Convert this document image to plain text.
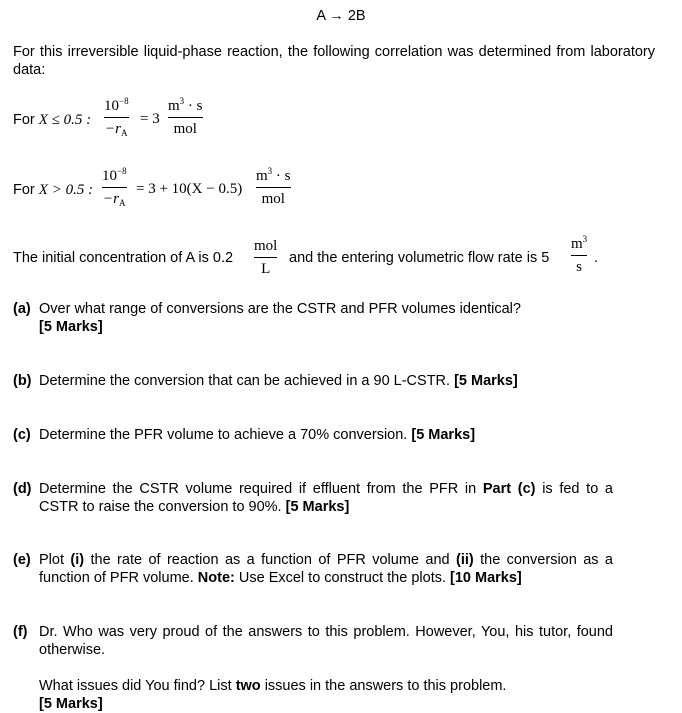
A → 2B
For this irreversible liquid-phase reaction, the following correlation was determined from laboratory data:
For X ≤ 0.5 :
$10^{-8}$
$-r_A$
= 3
$m^3 \cdot s$
mol
For X > 0.5 :
$10^{-8}$
$-r_A$
= 3 + 10(X − 0.5)
$m^3 \cdot s$
mol
The initial concentration of A is 0.2
mol
L
and the entering volumetric flow rate is 5
$m^3$
s
.
(a) Over what range of conversions are the CSTR and PFR volumes identical?
[5 Marks]
(b) Determine the conversion that can be achieved in a 90 L-CSTR. [5 Marks]
(c) Determine the PFR volume to achieve a 70% conversion. [5 Marks]
(d) Determine the CSTR volume required if effluent from the PFR in Part (c) is fed to a CSTR to raise the conversion to 90%. [5 Marks]
(e) Plot (i) the rate of reaction as a function of PFR volume and (ii) the conversion as a function of PFR volume. Note: Use Excel to construct the plots. [10 Marks]
(f) Dr. Who was very proud of the answers to this problem. However, You, his tutor, found otherwise.
What issues did You find? List two issues in the answers to this problem.
[5 Marks]
